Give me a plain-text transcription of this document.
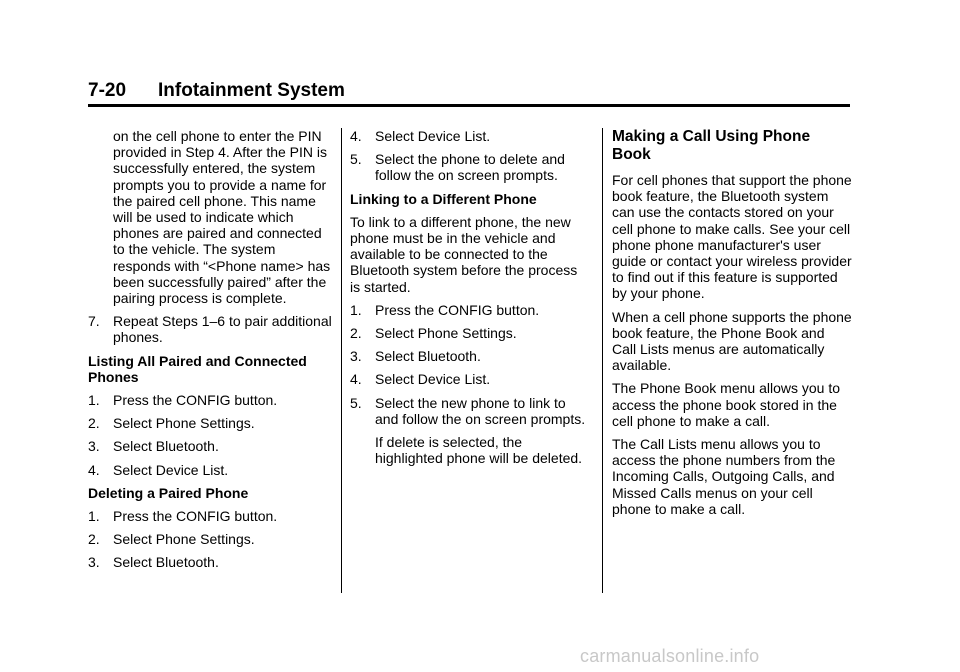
7-20 Infotainment System

on the cell phone to enter the PIN provided in Step 4. After the PIN is successfully entered, the system prompts you to provide a name for the paired cell phone. This name will be used to indicate which phones are paired and connected to the vehicle. The system responds with “<Phone name> has been successfully paired” after the pairing process is complete.

7. Repeat Steps 1–6 to pair additional phones.

Listing All Paired and Connected Phones

1. Press the CONFIG button.
2. Select Phone Settings.
3. Select Bluetooth.
4. Select Device List.

Deleting a Paired Phone

1. Press the CONFIG button.
2. Select Phone Settings.
3. Select Bluetooth.
4. Select Device List.
5. Select the phone to delete and follow the on screen prompts.

Linking to a Different Phone

To link to a different phone, the new phone must be in the vehicle and available to be connected to the Bluetooth system before the process is started.

1. Press the CONFIG button.
2. Select Phone Settings.
3. Select Bluetooth.
4. Select Device List.
5. Select the new phone to link to and follow the on screen prompts.

If delete is selected, the highlighted phone will be deleted.

Making a Call Using Phone Book

For cell phones that support the phone book feature, the Bluetooth system can use the contacts stored on your cell phone to make calls. See your cell phone phone manufacturer's user guide or contact your wireless provider to find out if this feature is supported by your phone.

When a cell phone supports the phone book feature, the Phone Book and Call Lists menus are automatically available.

The Phone Book menu allows you to access the phone book stored in the cell phone to make a call.

The Call Lists menu allows you to access the phone numbers from the Incoming Calls, Outgoing Calls, and Missed Calls menus on your cell phone to make a call.

carmanualsonline.info
